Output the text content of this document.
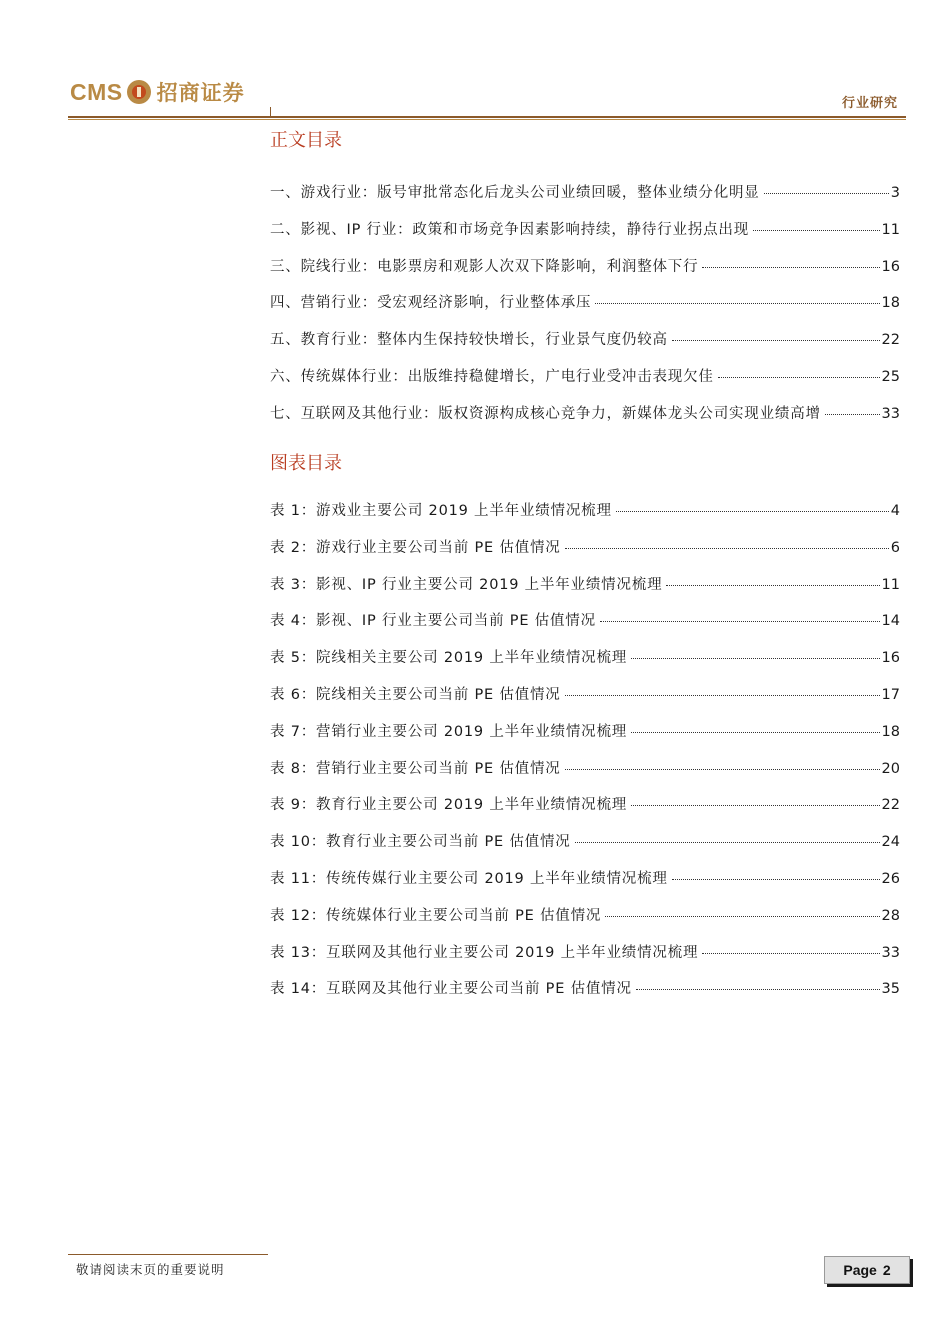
CMS 招商证券	行业研究
正文目录
一、游戏行业：版号审批常态化后龙头公司业绩回暖，整体业绩分化明显	3
二、影视、IP 行业：政策和市场竞争因素影响持续，静待行业拐点出现	11
三、院线行业：电影票房和观影人次双下降影响，利润整体下行	16
四、营销行业：受宏观经济影响，行业整体承压	18
五、教育行业：整体内生保持较快增长，行业景气度仍较高	22
六、传统媒体行业：出版维持稳健增长，广电行业受冲击表现欠佳	25
七、互联网及其他行业：版权资源构成核心竞争力，新媒体龙头公司实现业绩高增	33
图表目录
表 1：游戏业主要公司 2019 上半年业绩情况梳理	4
表 2：游戏行业主要公司当前 PE 估值情况	6
表 3：影视、IP 行业主要公司 2019 上半年业绩情况梳理	11
表 4：影视、IP 行业主要公司当前 PE 估值情况	14
表 5：院线相关主要公司 2019 上半年业绩情况梳理	16
表 6：院线相关主要公司当前 PE 估值情况	17
表 7：营销行业主要公司 2019 上半年业绩情况梳理	18
表 8：营销行业主要公司当前 PE 估值情况	20
表 9：教育行业主要公司 2019 上半年业绩情况梳理	22
表 10：教育行业主要公司当前 PE 估值情况	24
表 11：传统传媒行业主要公司 2019 上半年业绩情况梳理	26
表 12：传统媒体行业主要公司当前 PE 估值情况	28
表 13：互联网及其他行业主要公司 2019 上半年业绩情况梳理	33
表 14：互联网及其他行业主要公司当前 PE 估值情况	35
敬请阅读末页的重要说明	Page 2
